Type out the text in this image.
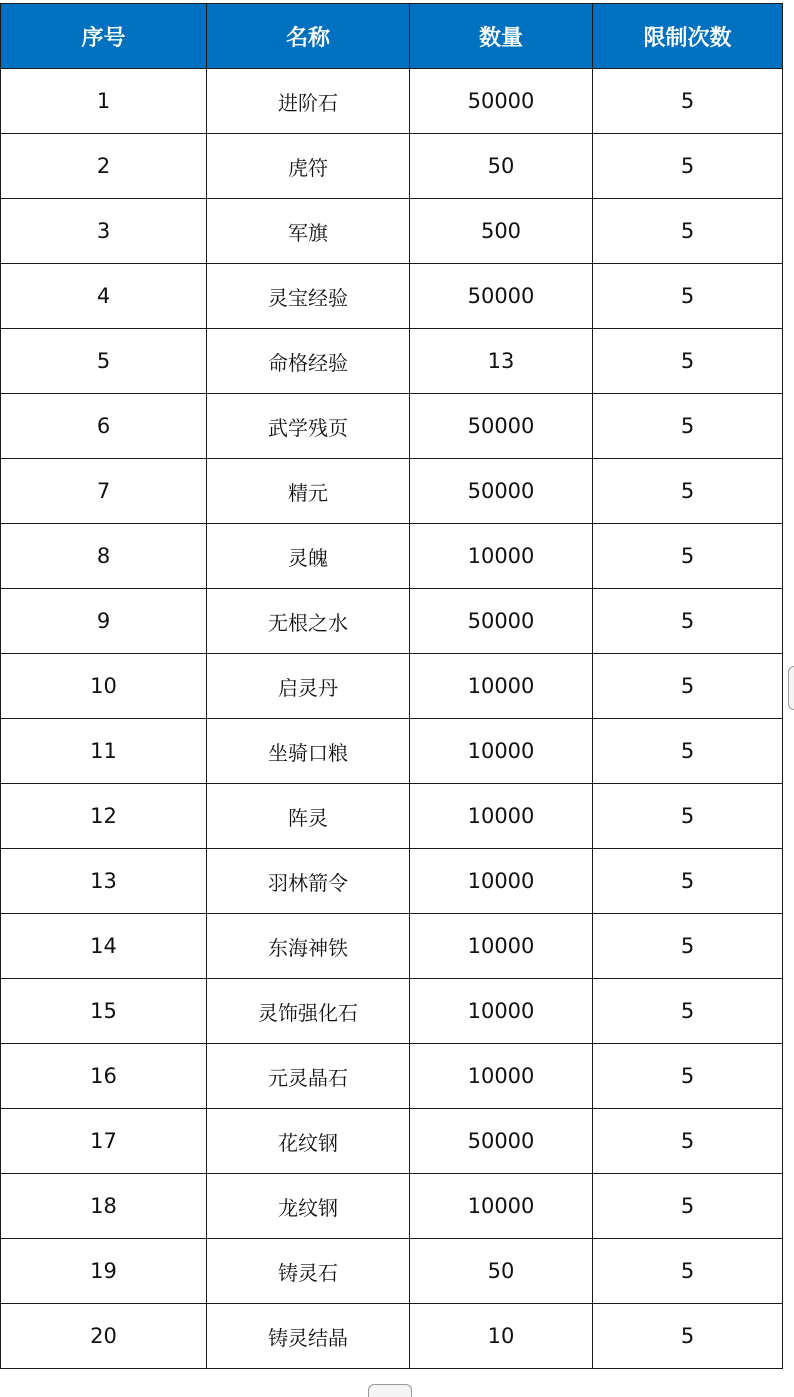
序号	名称	数量	限制次数
1	进阶石	50000	5
2	虎符	50	5
3	军旗	500	5
4	灵宝经验	50000	5
5	命格经验	13	5
6	武学残页	50000	5
7	精元	50000	5
8	灵魄	10000	5
9	无根之水	50000	5
10	启灵丹	10000	5
11	坐骑口粮	10000	5
12	阵灵	10000	5
13	羽林箭令	10000	5
14	东海神铁	10000	5
15	灵饰强化石	10000	5
16	元灵晶石	10000	5
17	花纹钢	50000	5
18	龙纹钢	10000	5
19	铸灵石	50	5
20	铸灵结晶	10	5
